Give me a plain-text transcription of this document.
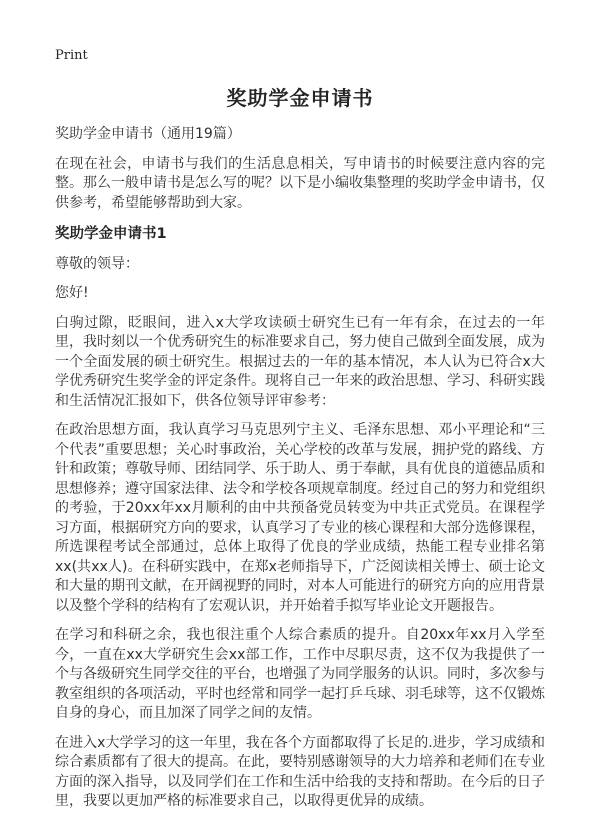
Print
奖助学金申请书

奖助学金申请书（通用19篇）

在现在社会，申请书与我们的生活息息相关，写申请书的时候要注意内容的完整。那么一般申请书是怎么写的呢？以下是小编收集整理的奖助学金申请书，仅供参考，希望能够帮助到大家。

奖助学金申请书1

尊敬的领导：

您好!

白驹过隙，眨眼间，进入x大学攻读硕士研究生已有一年有余，在过去的一年里，我时刻以一个优秀研究生的标准要求自己，努力使自己做到全面发展，成为一个全面发展的硕士研究生。根据过去的一年的基本情况，本人认为已符合x大学优秀研究生奖学金的评定条件。现将自己一年来的政治思想、学习、科研实践和生活情况汇报如下，供各位领导评审参考：

在政治思想方面，我认真学习马克思列宁主义、毛泽东思想、邓小平理论和“三个代表”重要思想；关心时事政治，关心学校的改革与发展，拥护党的路线、方针和政策；尊敬导师、团结同学、乐于助人、勇于奉献，具有优良的道德品质和思想修养；遵守国家法律、法令和学校各项规章制度。经过自己的努力和党组织的考验，于20xx年xx月顺利的由中共预备党员转变为中共正式党员。在课程学习方面，根据研究方向的要求，认真学习了专业的核心课程和大部分选修课程，所选课程考试全部通过，总体上取得了优良的学业成绩，热能工程专业排名第xx(共xx人)。在科研实践中，在郑x老师指导下，广泛阅读相关博士、硕士论文和大量的期刊文献，在开阔视野的同时，对本人可能进行的研究方向的应用背景以及整个学科的结构有了宏观认识，并开始着手拟写毕业论文开题报告。

在学习和科研之余，我也很注重个人综合素质的提升。自20xx年xx月入学至今，一直在xx大学研究生会xx部工作，工作中尽职尽责，这不仅为我提供了一个与各级研究生同学交往的平台，也增强了为同学服务的认识。同时，多次参与教室组织的各项活动，平时也经常和同学一起打乒乓球、羽毛球等，这不仅锻炼自身的身心，而且加深了同学之间的友情。

在进入x大学学习的这一年里，我在各个方面都取得了长足的.进步，学习成绩和综合素质都有了很大的提高。在此，要特别感谢领导的大力培养和老师们在专业方面的深入指导，以及同学们在工作和生活中给我的支持和帮助。在今后的日子里，我要以更加严格的标准要求自己，以取得更优异的成绩。
